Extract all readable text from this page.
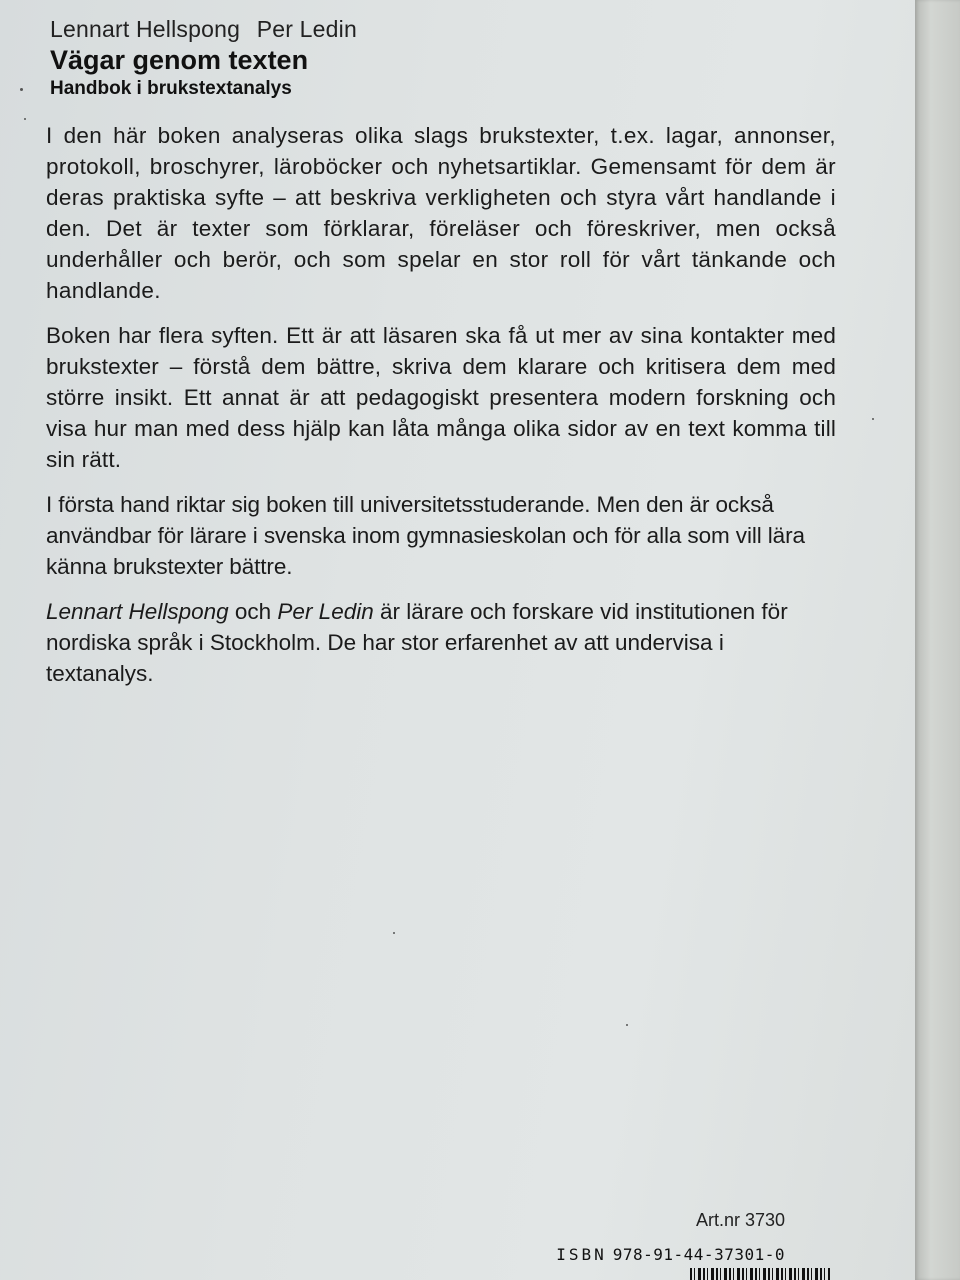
Lennart Hellspong Per Ledin
Vägar genom texten
Handbok i brukstextanalys

I den här boken analyseras olika slags brukstexter, t.ex. lagar, annonser, protokoll, broschyrer, läroböcker och nyhetsartiklar. Gemensamt för dem är deras praktiska syfte – att beskriva verkligheten och styra vårt handlande i den. Det är texter som förklarar, föreläser och föreskriver, men också underhåller och berör, och som spelar en stor roll för vårt tänkande och handlande.

Boken har flera syften. Ett är att läsaren ska få ut mer av sina kontakter med brukstexter – förstå dem bättre, skriva dem klarare och kritisera dem med större insikt. Ett annat är att pedagogiskt presentera modern forskning och visa hur man med dess hjälp kan låta många olika sidor av en text komma till sin rätt.

I första hand riktar sig boken till universitetsstuderande. Men den är också användbar för lärare i svenska inom gymnasieskolan och för alla som vill lära känna brukstexter bättre.

Lennart Hellspong och Per Ledin är lärare och forskare vid institutionen för nordiska språk i Stockholm. De har stor erfarenhet av att undervisa i textanalys.

Art.nr 3730
ISBN 978-91-44-37301-0
